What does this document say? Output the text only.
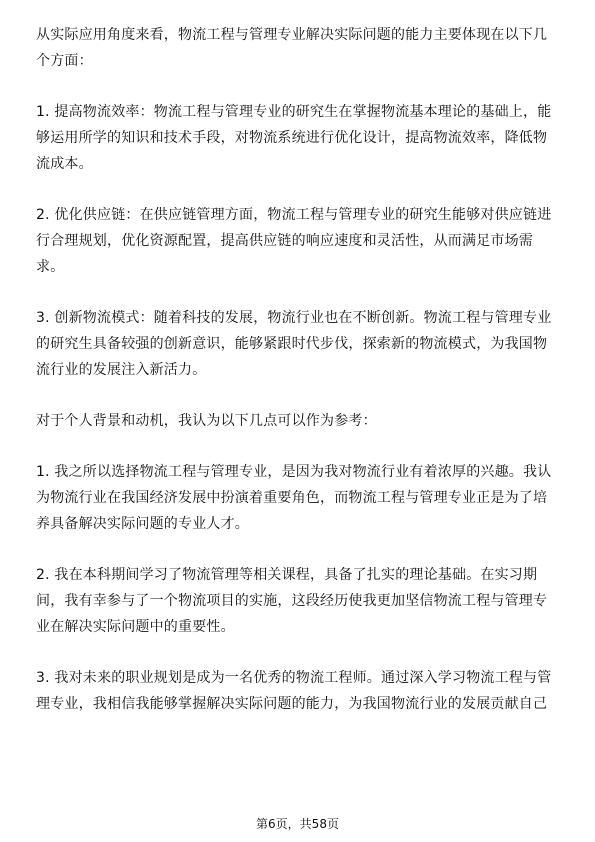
从实际应用角度来看，物流工程与管理专业解决实际问题的能力主要体现在以下几个方面：

1. 提高物流效率：物流工程与管理专业的研究生在掌握物流基本理论的基础上，能够运用所学的知识和技术手段，对物流系统进行优化设计，提高物流效率，降低物流成本。

2. 优化供应链：在供应链管理方面，物流工程与管理专业的研究生能够对供应链进行合理规划，优化资源配置，提高供应链的响应速度和灵活性，从而满足市场需求。

3. 创新物流模式：随着科技的发展，物流行业也在不断创新。物流工程与管理专业的研究生具备较强的创新意识，能够紧跟时代步伐，探索新的物流模式，为我国物流行业的发展注入新活力。

对于个人背景和动机，我认为以下几点可以作为参考：

1. 我之所以选择物流工程与管理专业，是因为我对物流行业有着浓厚的兴趣。我认为物流行业在我国经济发展中扮演着重要角色，而物流工程与管理专业正是为了培养具备解决实际问题的专业人才。

2. 我在本科期间学习了物流管理等相关课程，具备了扎实的理论基础。在实习期间，我有幸参与了一个物流项目的实施，这段经历使我更加坚信物流工程与管理专业在解决实际问题中的重要性。

3. 我对未来的职业规划是成为一名优秀的物流工程师。通过深入学习物流工程与管理专业，我相信我能够掌握解决实际问题的能力，为我国物流行业的发展贡献自己

第6页，共58页
